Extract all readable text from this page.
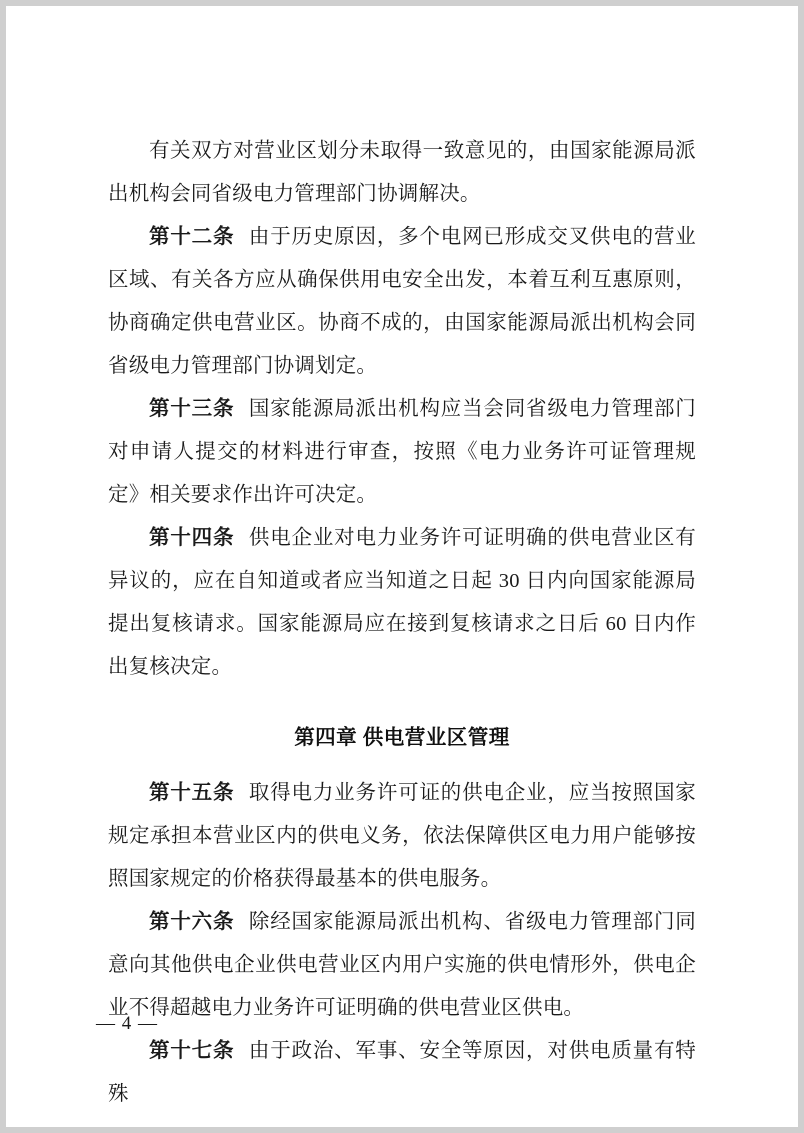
有关双方对营业区划分未取得一致意见的，由国家能源局派出机构会同省级电力管理部门协调解决。

第十二条 由于历史原因，多个电网已形成交叉供电的营业区域、有关各方应从确保供用电安全出发，本着互利互惠原则，协商确定供电营业区。协商不成的，由国家能源局派出机构会同省级电力管理部门协调划定。

第十三条 国家能源局派出机构应当会同省级电力管理部门对申请人提交的材料进行审查，按照《电力业务许可证管理规定》相关要求作出许可决定。

第十四条 供电企业对电力业务许可证明确的供电营业区有异议的，应在自知道或者应当知道之日起 30 日内向国家能源局提出复核请求。国家能源局应在接到复核请求之日后 60 日内作出复核决定。

第四章 供电营业区管理

第十五条 取得电力业务许可证的供电企业，应当按照国家规定承担本营业区内的供电义务，依法保障供区电力用户能够按照国家规定的价格获得最基本的供电服务。

第十六条 除经国家能源局派出机构、省级电力管理部门同意向其他供电企业供电营业区内用户实施的供电情形外，供电企业不得超越电力业务许可证明确的供电营业区供电。

第十七条 由于政治、军事、安全等原因，对供电质量有特殊

— 4 —
